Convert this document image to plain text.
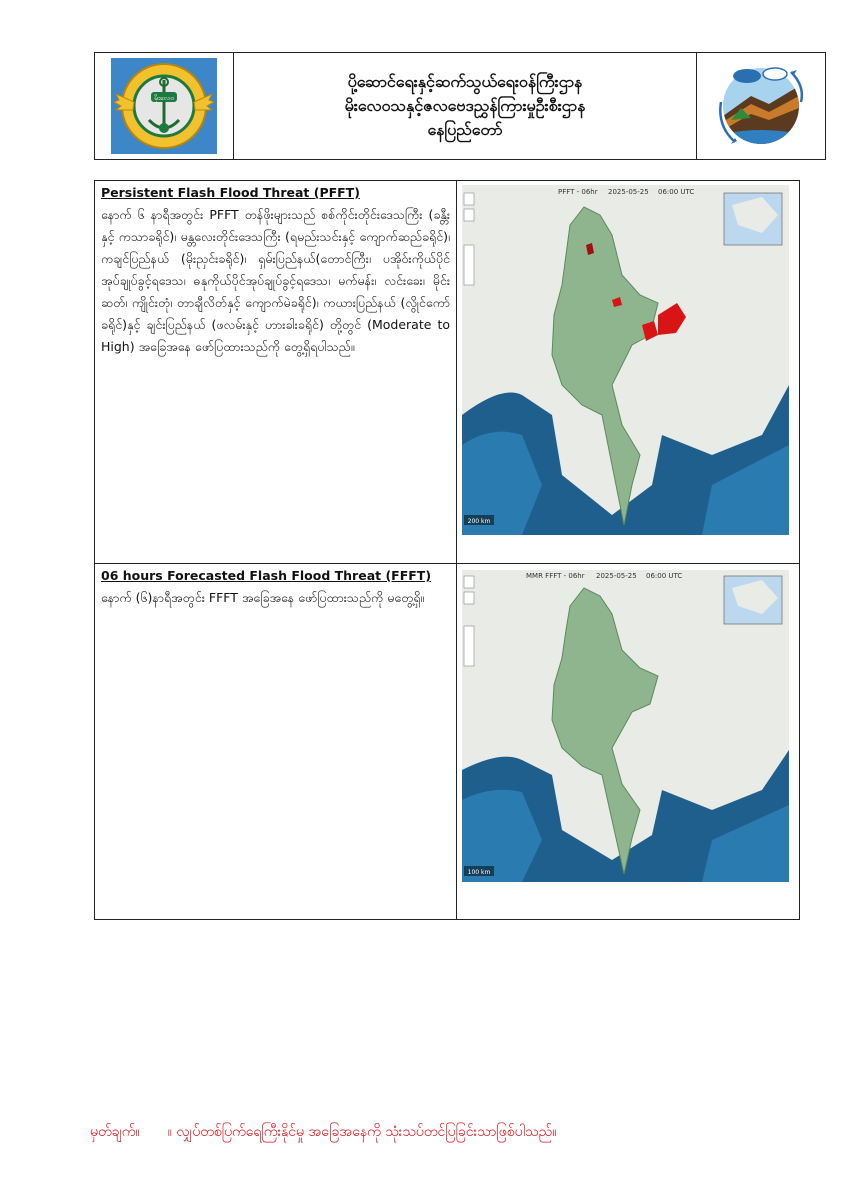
မိုးလေဝ
ပို့ဆောင်ရေးနှင့်ဆက်သွယ်ရေးဝန်ကြီးဌာန
မိုးလေဝသနှင့်ဇလဗေဒညွှန်ကြားမှုဦးစီးဌာန
နေပြည်တော်
Persistent Flash Flood Threat (PFFT)
နောက် ၆ နာရီအတွင်း PFFT တန်ဖိုးများသည် စစ်ကိုင်းတိုင်းဒေသကြီး (ခန္တီးနှင့် ကသာခရိုင်)၊ မန္တလေးတိုင်းဒေသကြီး (ရမည်းသင်းနှင့် ကျောက်ဆည်ခရိုင်)၊ ကချင်ပြည်နယ် (မိုးညှင်းခရိုင်)၊ ရှမ်းပြည်နယ်(တောင်ကြီး၊ ပအိုဝ်းကိုယ်ပိုင်အုပ်ချုပ်ခွင့်ရဒေသ၊ ဓနုကိုယ်ပိုင်အုပ်ချုပ်ခွင့်ရဒေသ၊ မက်မန်း၊ လင်းခေး၊ မိုင်းဆတ်၊ ကျိုင်းတုံ၊ တာချီလိတ်နှင့် ကျောက်မဲခရိုင်)၊ ကယားပြည်နယ် (လွိုင်ကော်ခရိုင်)နှင့် ချင်းပြည်နယ် (ဖလမ်းနှင့် ဟားခါးခရိုင်) တို့တွင် (Moderate to High) အခြေအနေ ဖော်ပြထားသည်ကို တွေ့ရှိရပါသည်။
200 km
PFFT - 06hr 2025-05-25 06:00 UTC
06 hours Forecasted Flash Flood Threat (FFFT)
နောက် (၆)နာရီအတွင်း FFFT အခြေအနေ ဖော်ပြထားသည်ကို မတွေ့ရှိ။
100 km
MMR FFFT - 06hr 2025-05-25 06:00 UTC
မှတ်ချက်။ ။ လျှပ်တစ်ပြက်ရေကြီးနိုင်မှု အခြေအနေကို သုံးသပ်တင်ပြခြင်းသာဖြစ်ပါသည်။
